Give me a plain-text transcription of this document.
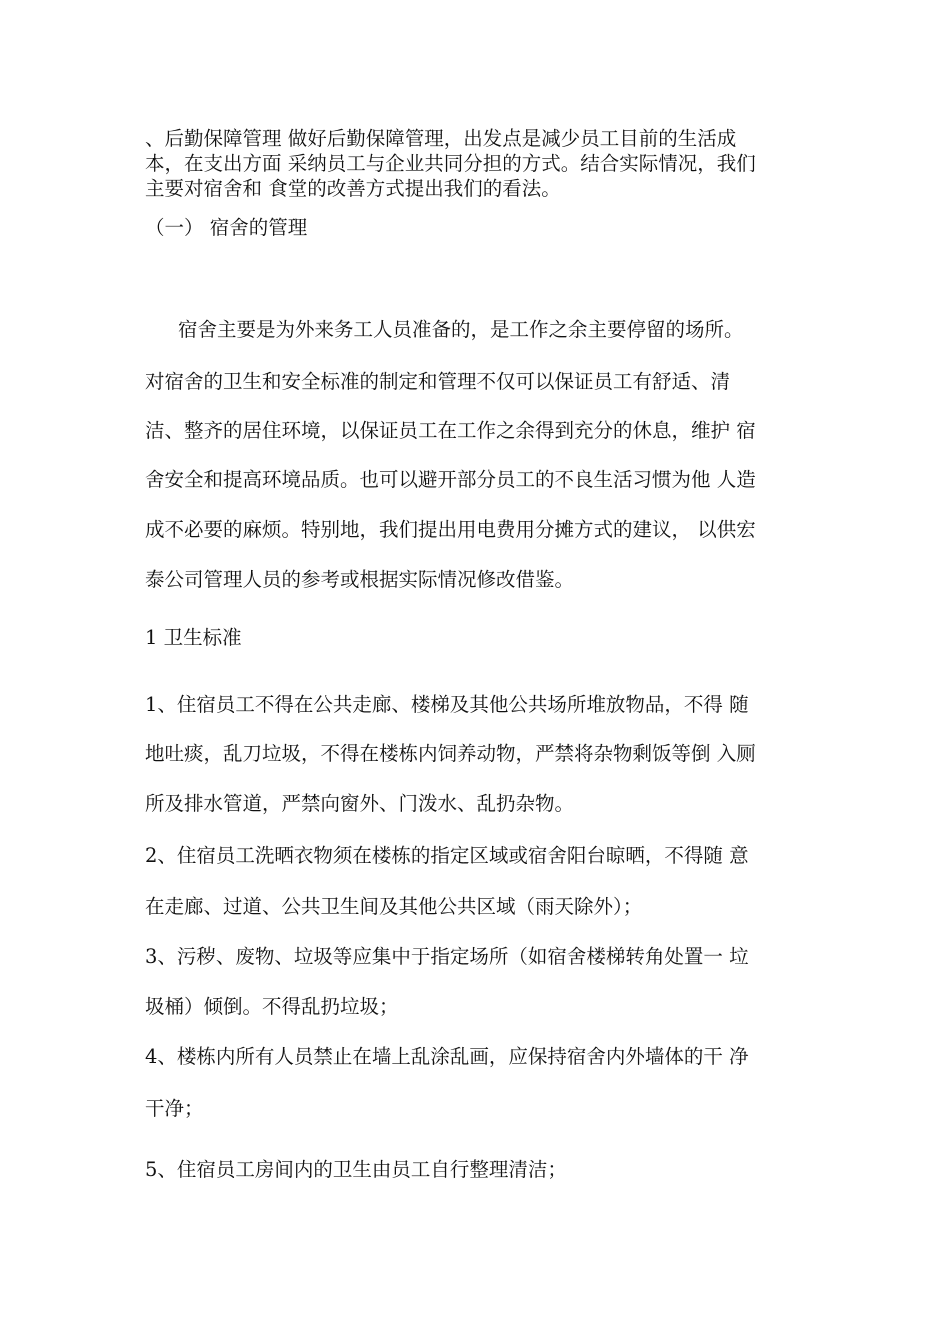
、后勤保障管理 做好后勤保障管理，出发点是减少员工目前的生活成
本，在支出方面 采纳员工与企业共同分担的方式。结合实际情况，我们
主要对宿舍和 食堂的改善方式提出我们的看法。
（一） 宿舍的管理
宿舍主要是为外来务工人员准备的，是工作之余主要停留的场所。
对宿舍的卫生和安全标准的制定和管理不仅可以保证员工有舒适、清
洁、整齐的居住环境，以保证员工在工作之余得到充分的休息，维护 宿
舍安全和提高环境品质。也可以避开部分员工的不良生活习惯为他 人造
成不必要的麻烦。特别地，我们提出用电费用分摊方式的建议， 以供宏
泰公司管理人员的参考或根据实际情况修改借鉴。
1 卫生标准
1、住宿员工不得在公共走廊、楼梯及其他公共场所堆放物品，不得 随
地吐痰，乱刀垃圾，不得在楼栋内饲养动物，严禁将杂物剩饭等倒 入厕
所及排水管道，严禁向窗外、门泼水、乱扔杂物。
2、住宿员工洗晒衣物须在楼栋的指定区域或宿舍阳台晾晒，不得随 意
在走廊、过道、公共卫生间及其他公共区域（雨天除外）；
3、污秽、废物、垃圾等应集中于指定场所（如宿舍楼梯转角处置一 垃
圾桶）倾倒。不得乱扔垃圾；
4、楼栋内所有人员禁止在墙上乱涂乱画，应保持宿舍内外墙体的干 净
干净；
5、住宿员工房间内的卫生由员工自行整理清洁；
